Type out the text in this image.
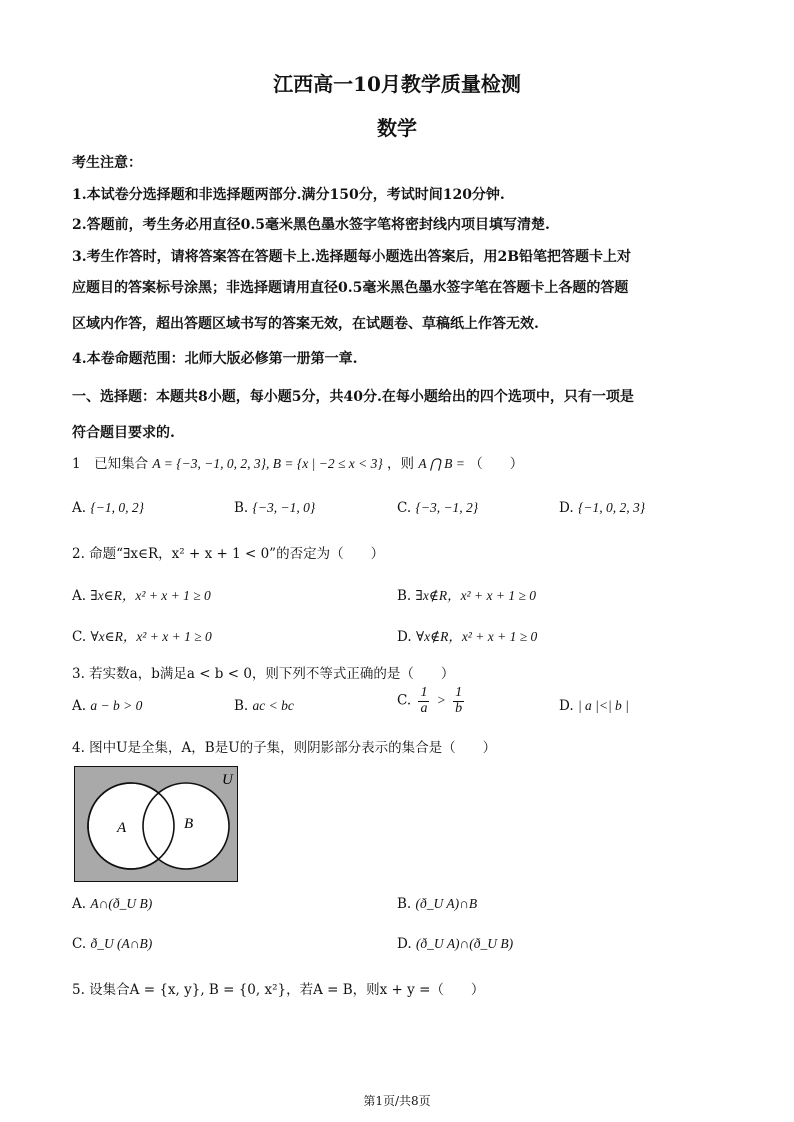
江西高一10月教学质量检测
数学
考生注意：
1.本试卷分选择题和非选择题两部分.满分150分，考试时间120分钟.
2.答题前，考生务必用直径0.5毫米黑色墨水签字笔将密封线内项目填写清楚.
3.考生作答时，请将答案答在答题卡上.选择题每小题选出答案后，用2B铅笔把答题卡上对
应题目的答案标号涂黑；非选择题请用直径0.5毫米黑色墨水签字笔在答题卡上各题的答题
区域内作答，超出答题区域书写的答案无效，在试题卷、草稿纸上作答无效.
4.本卷命题范围：北师大版必修第一册第一章.
一、选择题：本题共8小题，每小题5分，共40分.在每小题给出的四个选项中，只有一项是
符合题目要求的.
1　已知集合 A = {−3, −1, 0, 2, 3}, B = {x | −2 ≤ x < 3} ，则 A ⋂ B = （　　）
A. {−1, 0, 2}	B. {−3, −1, 0}	C. {−3, −1, 2}	D. {−1, 0, 2, 3}
2. 命题“∃x∈R，x² + x + 1 < 0”的否定为（　　）
A. ∃x∈R，x² + x + 1 ≥ 0	B. ∃x∉R，x² + x + 1 ≥ 0
C. ∀x∈R，x² + x + 1 ≥ 0	D. ∀x∉R，x² + x + 1 ≥ 0
3. 若实数a，b满足a < b < 0，则下列不等式正确的是（　　）
A. a − b > 0	B. ac < bc	C. $\frac{1}{a} > \frac{1}{b}$	D. | a |<| b |
4. 图中U是全集，A，B是U的子集，则阴影部分表示的集合是（　　）
U
A	B
A. A∩(ð_U B)	B. (ð_U A)∩B
C. ð_U (A∩B)	D. (ð_U A)∩(ð_U B)
5. 设集合A = {x, y}, B = {0, x²}，若A = B，则x + y =（　　）
第1页/共8页
